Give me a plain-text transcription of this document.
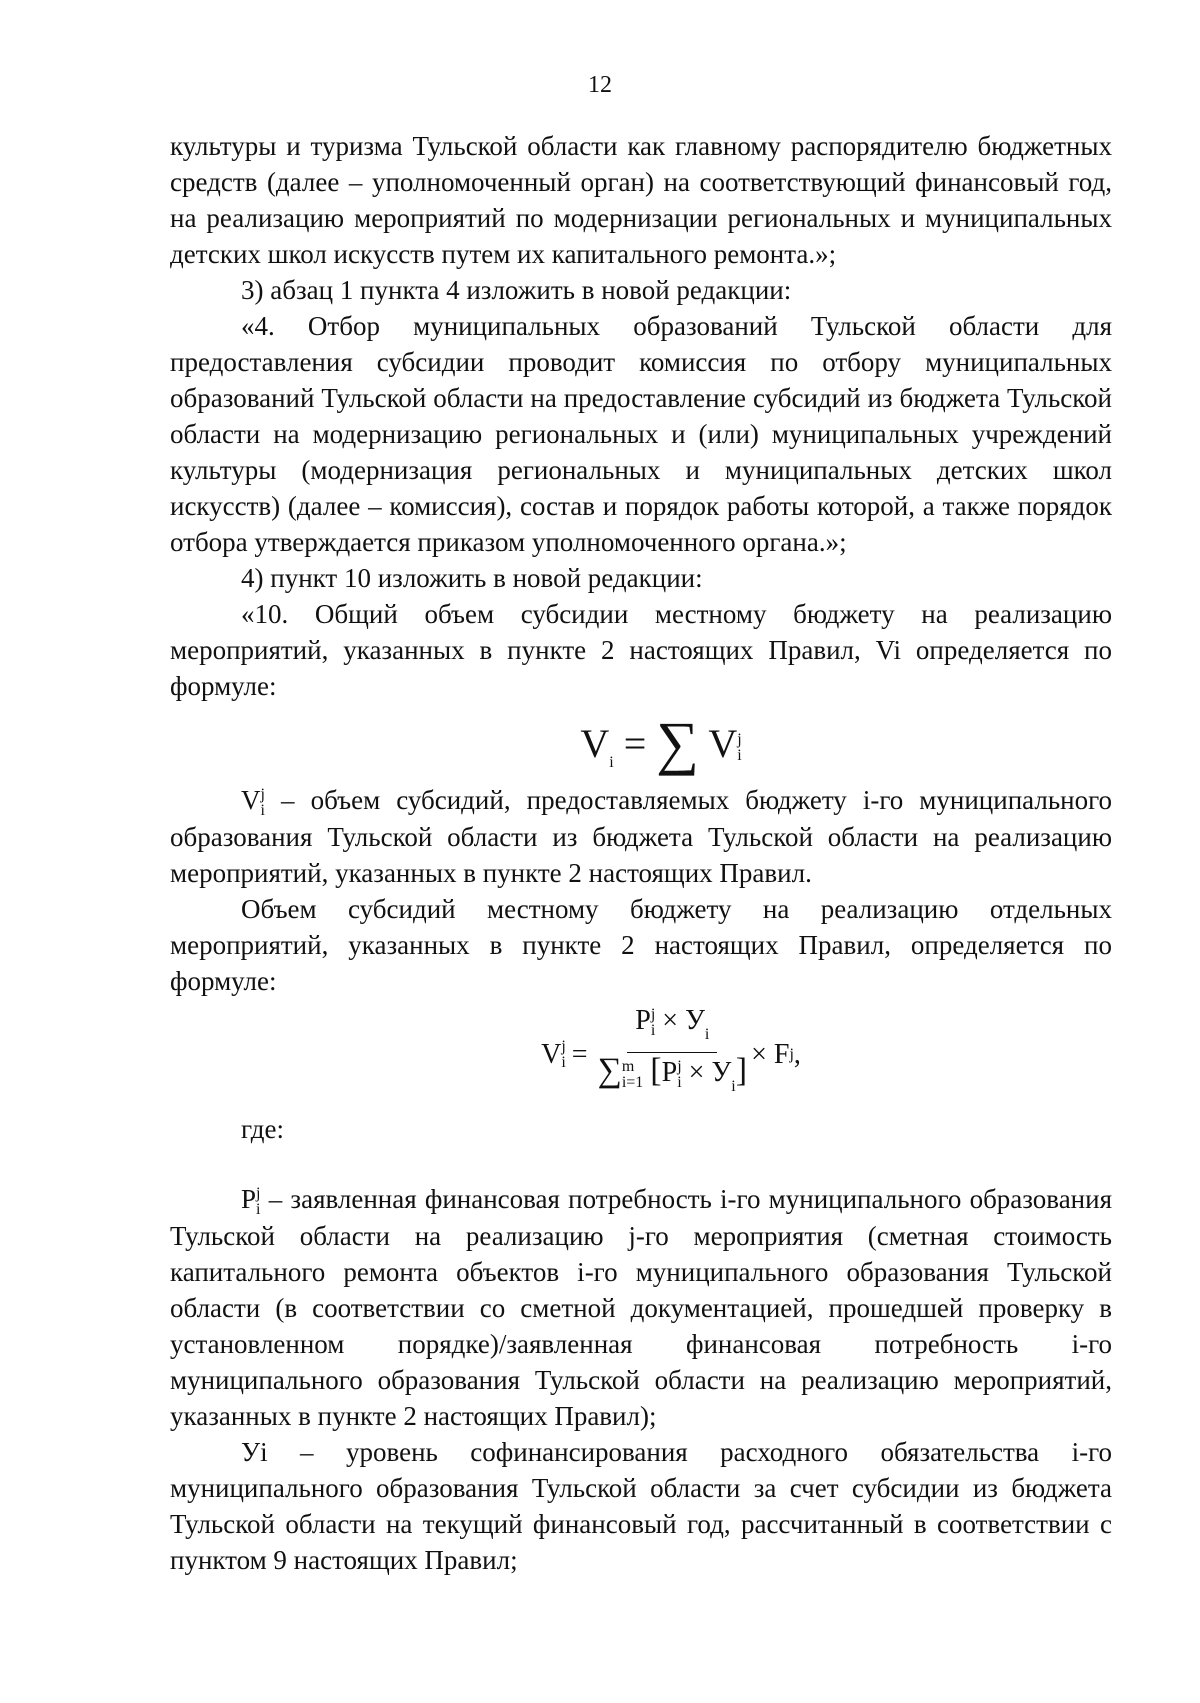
12

культуры и туризма Тульской области как главному распорядителю бюджетных средств (далее – уполномоченный орган) на соответствующий финансовый год, на реализацию мероприятий по модернизации региональных и муниципальных детских школ искусств путем их капитального ремонта.»;

3) абзац 1 пункта 4 изложить в новой редакции:

«4. Отбор муниципальных образований Тульской области для предоставления субсидии проводит комиссия по отбору муниципальных образований Тульской области на предоставление субсидий из бюджета Тульской области на модернизацию региональных и (или) муниципальных учреждений культуры (модернизация региональных и муниципальных детских школ искусств) (далее – комиссия), состав и порядок работы которой, а также порядок отбора утверждается приказом уполномоченного органа.»;

4) пункт 10 изложить в новой редакции:

«10. Общий объем субсидии местному бюджету на реализацию мероприятий, указанных в пункте 2 настоящих Правил, Vi определяется по формуле:

$V_i$ = ∑ V j
i

V j
i – объем субсидий, предоставляемых бюджету i-го муниципального образования Тульской области из бюджета Тульской области на реализацию мероприятий, указанных в пункте 2 настоящих Правил.

Объем субсидий местному бюджету на реализацию отдельных мероприятий, указанных в пункте 2 настоящих Правил, определяется по формуле:

V j
i = P j
$i \times У_i$
∑ m
i=1 [P j
$i \times У_i] \times F$ j ,

где:

P j
i – заявленная финансовая потребность i-го муниципального образования Тульской области на реализацию j-го мероприятия (сметная стоимость капитального ремонта объектов i-го муниципального образования Тульской области (в соответствии со сметной документацией, прошедшей проверку в установленном порядке)/заявленная финансовая потребность i-го муниципального образования Тульской области на реализацию мероприятий, указанных в пункте 2 настоящих Правил);

Уi – уровень софинансирования расходного обязательства i-го муниципального образования Тульской области за счет субсидии из бюджета Тульской области на текущий финансовый год, рассчитанный в соответствии с пунктом 9 настоящих Правил;
